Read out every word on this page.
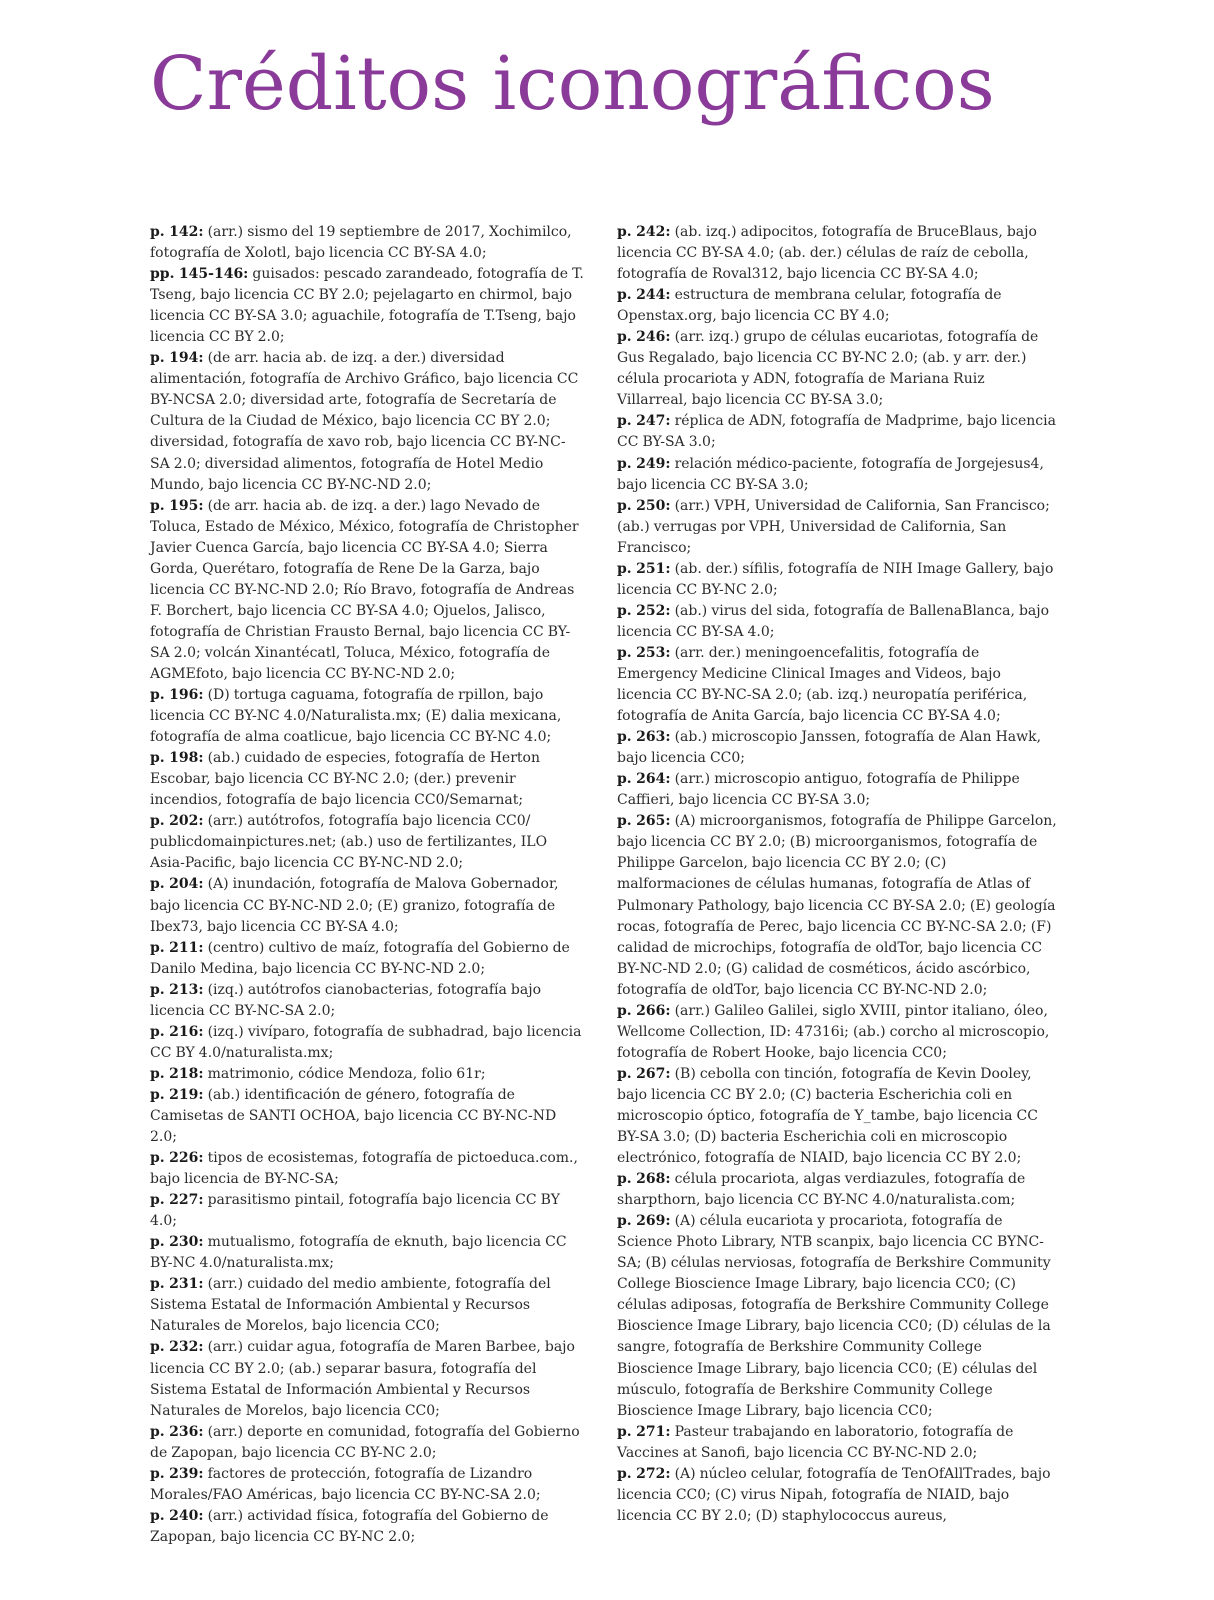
Créditos iconográficos

p. 142: (arr.) sismo del 19 septiembre de 2017, Xochimilco, fotografía de Xolotl, bajo licencia CC BY-SA 4.0;

pp. 145-146: guisados: pescado zarandeado, fotografía de T. Tseng, bajo licencia CC BY 2.0; pejelagarto en chirmol, bajo licencia CC BY-SA 3.0; aguachile, fotografía de T.Tseng, bajo licencia CC BY 2.0;

p. 194: (de arr. hacia ab. de izq. a der.) diversidad alimentación, fotografía de Archivo Gráfico, bajo licencia CC BY-NCSA 2.0; diversidad arte, fotografía de Secretaría de Cultura de la Ciudad de México, bajo licencia CC BY 2.0; diversidad, fotografía de xavo rob, bajo licencia CC BY-NC-SA 2.0; diversidad alimentos, fotografía de Hotel Medio Mundo, bajo licencia CC BY-NC-ND 2.0;

p. 195: (de arr. hacia ab. de izq. a der.) lago Nevado de Toluca, Estado de México, México, fotografía de Christopher Javier Cuenca García, bajo licencia CC BY-SA 4.0; Sierra Gorda, Querétaro, fotografía de Rene De la Garza, bajo licencia CC BY-NC-ND 2.0; Río Bravo, fotografía de Andreas F. Borchert, bajo licencia CC BY-SA 4.0; Ojuelos, Jalisco, fotografía de Christian Frausto Bernal, bajo licencia CC BY-SA 2.0; volcán Xinantécatl, Toluca, México, fotografía de AGMEfoto, bajo licencia CC BY-NC-ND 2.0;

p. 196: (D) tortuga caguama, fotografía de rpillon, bajo licencia CC BY-NC 4.0/Naturalista.mx; (E) dalia mexicana, fotografía de alma coatlicue, bajo licencia CC BY-NC 4.0;

p. 198: (ab.) cuidado de especies, fotografía de Herton Escobar, bajo licencia CC BY-NC 2.0; (der.) prevenir incendios, fotografía de bajo licencia CC0/Semarnat;

p. 202: (arr.) autótrofos, fotografía bajo licencia CC0/ publicdomainpictures.net; (ab.) uso de fertilizantes, ILO Asia-Pacific, bajo licencia CC BY-NC-ND 2.0;

p. 204: (A) inundación, fotografía de Malova Gobernador, bajo licencia CC BY-NC-ND 2.0; (E) granizo, fotografía de Ibex73, bajo licencia CC BY-SA 4.0;

p. 211: (centro) cultivo de maíz, fotografía del Gobierno de Danilo Medina, bajo licencia CC BY-NC-ND 2.0;

p. 213: (izq.) autótrofos cianobacterias, fotografía bajo licencia CC BY-NC-SA 2.0;

p. 216: (izq.) vivíparo, fotografía de subhadrad, bajo licencia CC BY 4.0/naturalista.mx;

p. 218: matrimonio, códice Mendoza, folio 61r;

p. 219: (ab.) identificación de género, fotografía de Camisetas de SANTI OCHOA, bajo licencia CC BY-NC-ND 2.0;

p. 226: tipos de ecosistemas, fotografía de pictoeduca.com., bajo licencia de BY-NC-SA;

p. 227: parasitismo pintail, fotografía bajo licencia CC BY 4.0;

p. 230: mutualismo, fotografía de eknuth, bajo licencia CC BY-NC 4.0/naturalista.mx;

p. 231: (arr.) cuidado del medio ambiente, fotografía del Sistema Estatal de Información Ambiental y Recursos Naturales de Morelos, bajo licencia CC0;

p. 232: (arr.) cuidar agua, fotografía de Maren Barbee, bajo licencia CC BY 2.0; (ab.) separar basura, fotografía del Sistema Estatal de Información Ambiental y Recursos Naturales de Morelos, bajo licencia CC0;

p. 236: (arr.) deporte en comunidad, fotografía del Gobierno de Zapopan, bajo licencia CC BY-NC 2.0;

p. 239: factores de protección, fotografía de Lizandro Morales/FAO Américas, bajo licencia CC BY-NC-SA 2.0;

p. 240: (arr.) actividad física, fotografía del Gobierno de Zapopan, bajo licencia CC BY-NC 2.0;

p. 242: (ab. izq.) adipocitos, fotografía de BruceBlaus, bajo licencia CC BY-SA 4.0; (ab. der.) células de raíz de cebolla, fotografía de Roval312, bajo licencia CC BY-SA 4.0;

p. 244: estructura de membrana celular, fotografía de Openstax.org, bajo licencia CC BY 4.0;

p. 246: (arr. izq.) grupo de células eucariotas, fotografía de Gus Regalado, bajo licencia CC BY-NC 2.0; (ab. y arr. der.) célula procariota y ADN, fotografía de Mariana Ruiz Villarreal, bajo licencia CC BY-SA 3.0;

p. 247: réplica de ADN, fotografía de Madprime, bajo licencia CC BY-SA 3.0;

p. 249: relación médico-paciente, fotografía de Jorgejesus4, bajo licencia CC BY-SA 3.0;

p. 250: (arr.) VPH, Universidad de California, San Francisco; (ab.) verrugas por VPH, Universidad de California, San Francisco;

p. 251: (ab. der.) sífilis, fotografía de NIH Image Gallery, bajo licencia CC BY-NC 2.0;

p. 252: (ab.) virus del sida, fotografía de BallenaBlanca, bajo licencia CC BY-SA 4.0;

p. 253: (arr. der.) meningoencefalitis, fotografía de Emergency Medicine Clinical Images and Videos, bajo licencia CC BY-NC-SA 2.0; (ab. izq.) neuropatía periférica, fotografía de Anita García, bajo licencia CC BY-SA 4.0;

p. 263: (ab.) microscopio Janssen, fotografía de Alan Hawk, bajo licencia CC0;

p. 264: (arr.) microscopio antiguo, fotografía de Philippe Caffieri, bajo licencia CC BY-SA 3.0;

p. 265: (A) microorganismos, fotografía de Philippe Garcelon, bajo licencia CC BY 2.0; (B) microorganismos, fotografía de Philippe Garcelon, bajo licencia CC BY 2.0; (C) malformaciones de células humanas, fotografía de Atlas of Pulmonary Pathology, bajo licencia CC BY-SA 2.0; (E) geología rocas, fotografía de Perec, bajo licencia CC BY-NC-SA 2.0; (F) calidad de microchips, fotografía de oldTor, bajo licencia CC BY-NC-ND 2.0; (G) calidad de cosméticos, ácido ascórbico, fotografía de oldTor, bajo licencia CC BY-NC-ND 2.0;

p. 266: (arr.) Galileo Galilei, siglo XVIII, pintor italiano, óleo, Wellcome Collection, ID: 47316i; (ab.) corcho al microscopio, fotografía de Robert Hooke, bajo licencia CC0;

p. 267: (B) cebolla con tinción, fotografía de Kevin Dooley, bajo licencia CC BY 2.0; (C) bacteria Escherichia coli en microscopio óptico, fotografía de Y_tambe, bajo licencia CC BY-SA 3.0; (D) bacteria Escherichia coli en microscopio electrónico, fotografía de NIAID, bajo licencia CC BY 2.0;

p. 268: célula procariota, algas verdiazules, fotografía de sharpthorn, bajo licencia CC BY-NC 4.0/naturalista.com;

p. 269: (A) célula eucariota y procariota, fotografía de Science Photo Library, NTB scanpix, bajo licencia CC BYNC-SA; (B) células nerviosas, fotografía de Berkshire Community College Bioscience Image Library, bajo licencia CC0; (C) células adiposas, fotografía de Berkshire Community College Bioscience Image Library, bajo licencia CC0; (D) células de la sangre, fotografía de Berkshire Community College Bioscience Image Library, bajo licencia CC0; (E) células del músculo, fotografía de Berkshire Community College Bioscience Image Library, bajo licencia CC0;

p. 271: Pasteur trabajando en laboratorio, fotografía de Vaccines at Sanofi, bajo licencia CC BY-NC-ND 2.0;

p. 272: (A) núcleo celular, fotografía de TenOfAllTrades, bajo licencia CC0; (C) virus Nipah, fotografía de NIAID, bajo licencia CC BY 2.0; (D) staphylococcus aureus,
